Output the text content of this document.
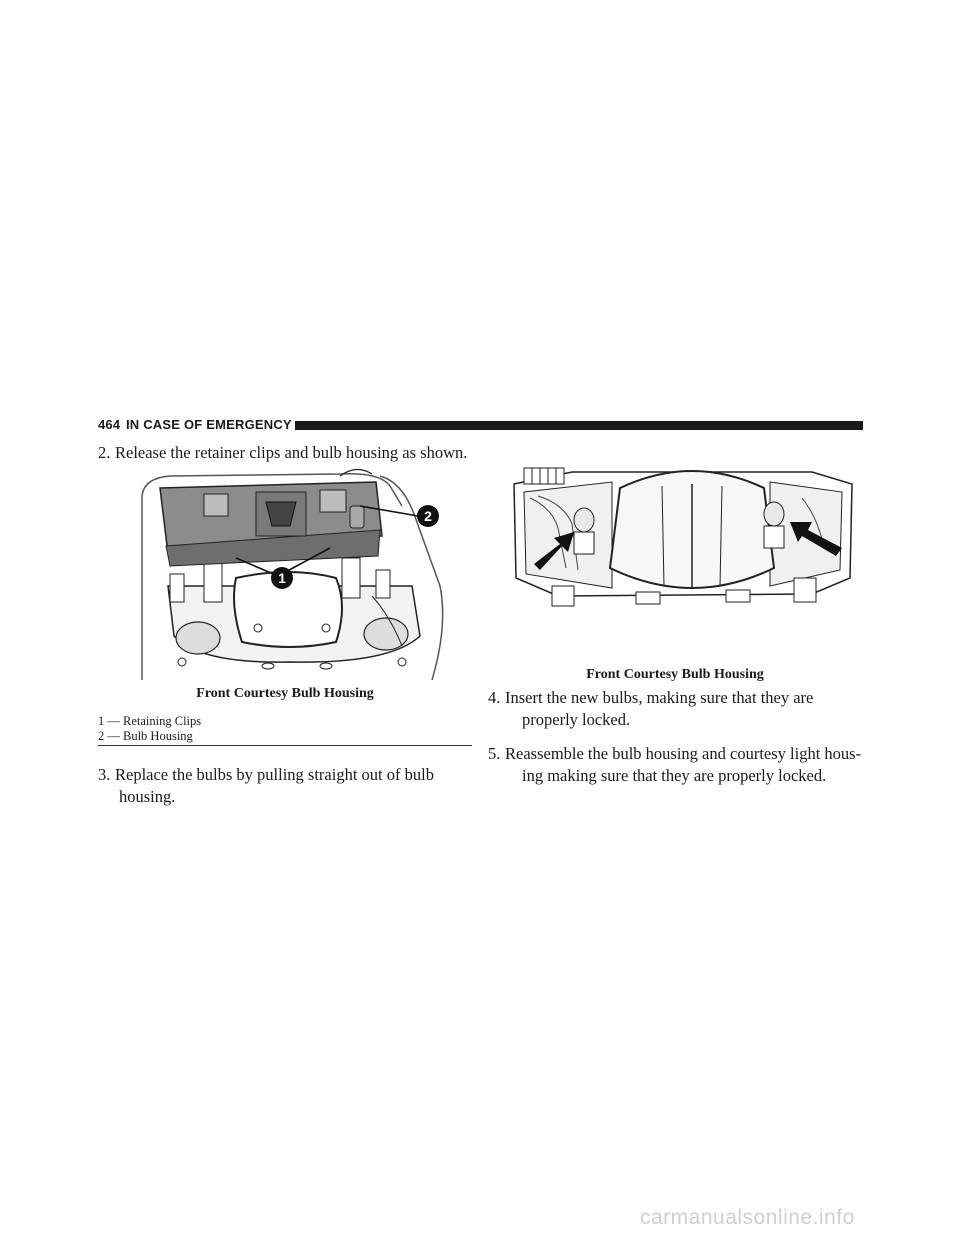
464 IN CASE OF EMERGENCY
2. Release the retainer clips and bulb housing as shown.
1
2
Front Courtesy Bulb Housing
1 — Retaining Clips
2 — Bulb Housing
3. Replace the bulbs by pulling straight out of bulb
housing.
Front Courtesy Bulb Housing
4. Insert the new bulbs, making sure that they are
properly locked.
5. Reassemble the bulb housing and courtesy light hous-
ing making sure that they are properly locked.
carmanualsonline.info
